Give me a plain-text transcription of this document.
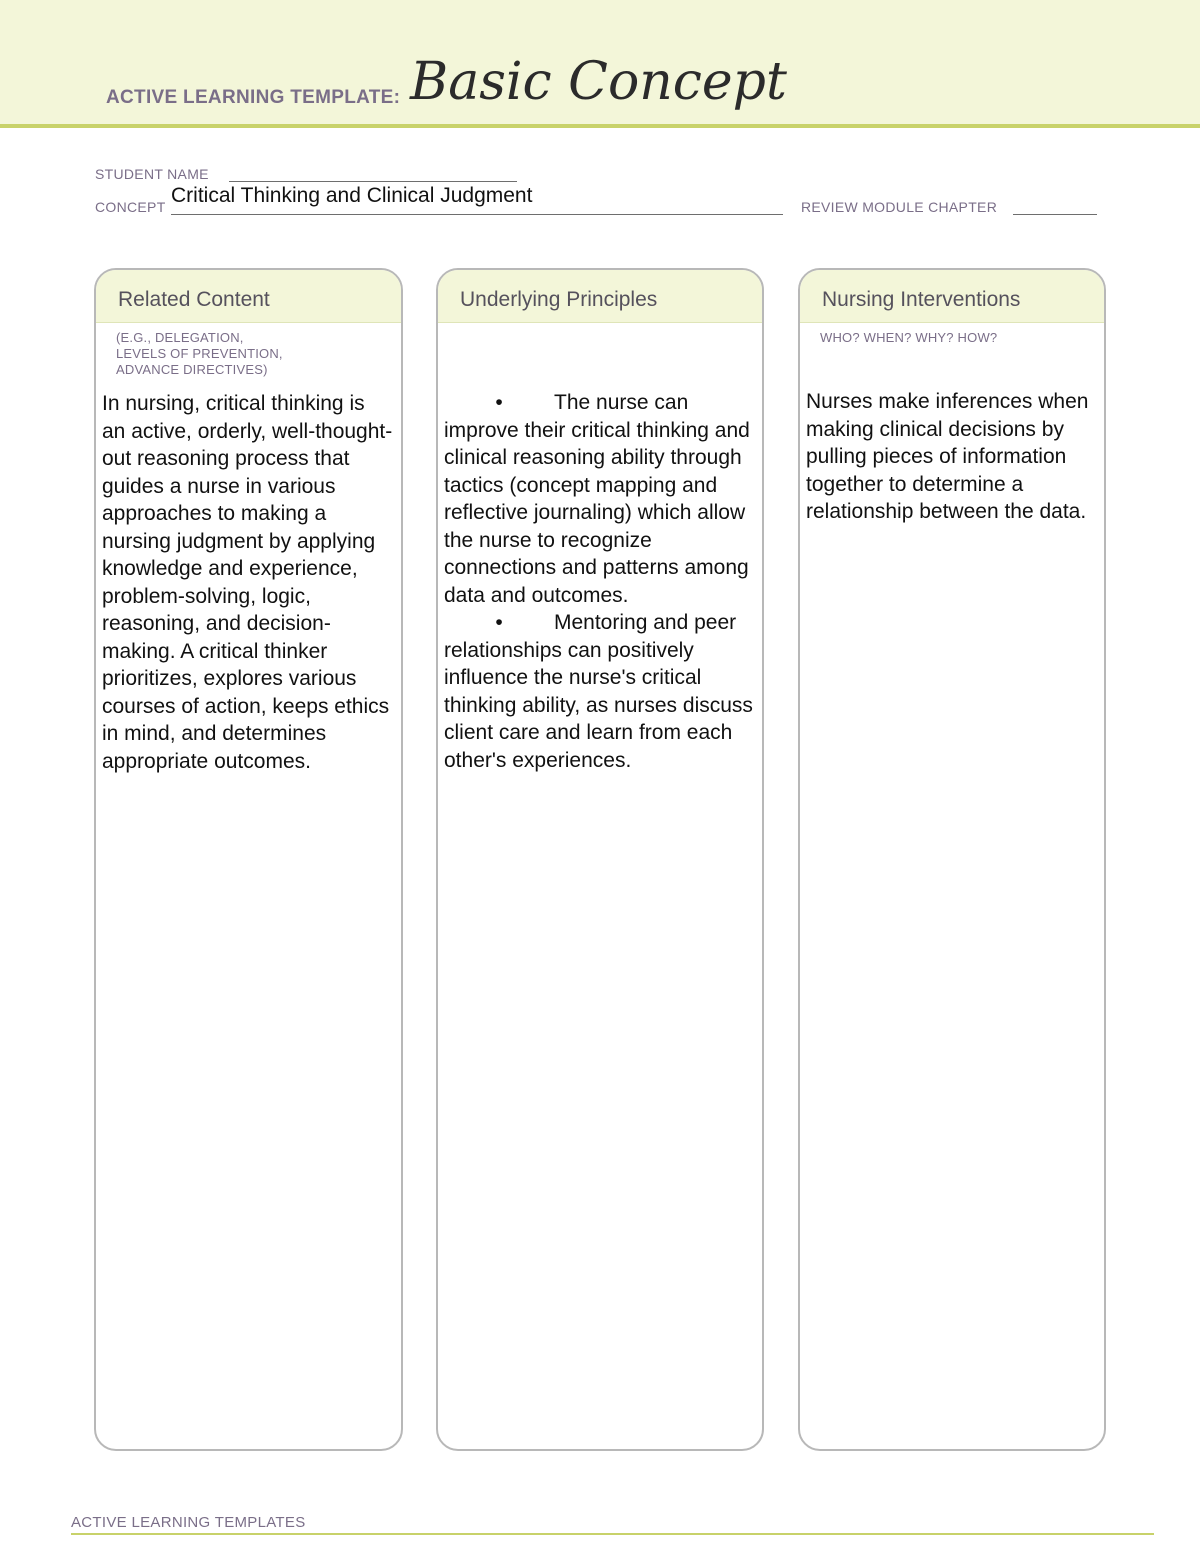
ACTIVE LEARNING TEMPLATE: Basic Concept
STUDENT NAME
CONCEPT Critical Thinking and Clinical Judgment	REVIEW MODULE CHAPTER
Related Content
(E.G., DELEGATION,
LEVELS OF PREVENTION,
ADVANCE DIRECTIVES)
In nursing, critical thinking is an active, orderly, well-thought-out reasoning process that guides a nurse in various approaches to making a nursing judgment by applying knowledge and experience, problem-solving, logic, reasoning, and decision-making. A critical thinker prioritizes, explores various courses of action, keeps ethics in mind, and determines appropriate outcomes.
Underlying Principles
• The nurse can improve their critical thinking and clinical reasoning ability through tactics (concept mapping and reflective journaling) which allow the nurse to recognize connections and patterns among data and outcomes.
• Mentoring and peer relationships can positively influence the nurse's critical thinking ability, as nurses discuss client care and learn from each other's experiences.
Nursing Interventions
WHO? WHEN? WHY? HOW?
Nurses make inferences when making clinical decisions by pulling pieces of information together to determine a relationship between the data.
ACTIVE LEARNING TEMPLATES
